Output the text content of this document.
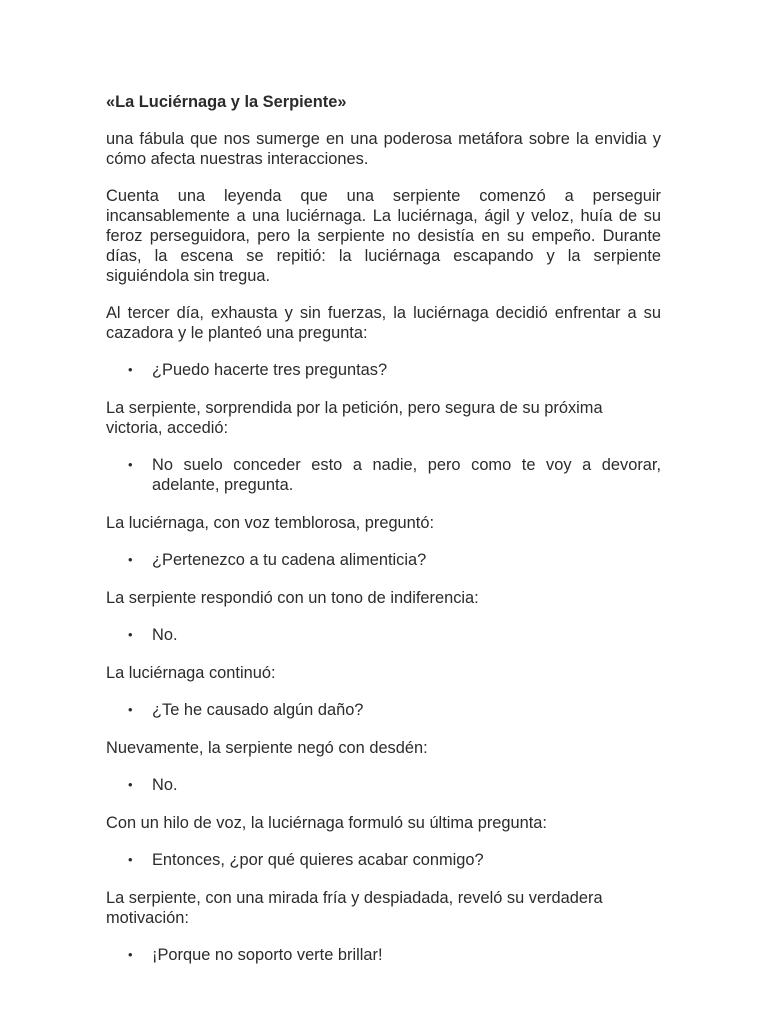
«La Luciérnaga y la Serpiente»

una fábula que nos sumerge en una poderosa metáfora sobre la envidia y cómo afecta nuestras interacciones.

Cuenta una leyenda que una serpiente comenzó a perseguir incansablemente a una luciérnaga. La luciérnaga, ágil y veloz, huía de su feroz perseguidora, pero la serpiente no desistía en su empeño. Durante días, la escena se repitió: la luciérnaga escapando y la serpiente siguiéndola sin tregua.

Al tercer día, exhausta y sin fuerzas, la luciérnaga decidió enfrentar a su cazadora y le planteó una pregunta:

• ¿Puedo hacerte tres preguntas?

La serpiente, sorprendida por la petición, pero segura de su próxima victoria, accedió:

• No suelo conceder esto a nadie, pero como te voy a devorar, adelante, pregunta.

La luciérnaga, con voz temblorosa, preguntó:

• ¿Pertenezco a tu cadena alimenticia?

La serpiente respondió con un tono de indiferencia:

• No.

La luciérnaga continuó:

• ¿Te he causado algún daño?

Nuevamente, la serpiente negó con desdén:

• No.

Con un hilo de voz, la luciérnaga formuló su última pregunta:

• Entonces, ¿por qué quieres acabar conmigo?

La serpiente, con una mirada fría y despiadada, reveló su verdadera motivación:

• ¡Porque no soporto verte brillar!
